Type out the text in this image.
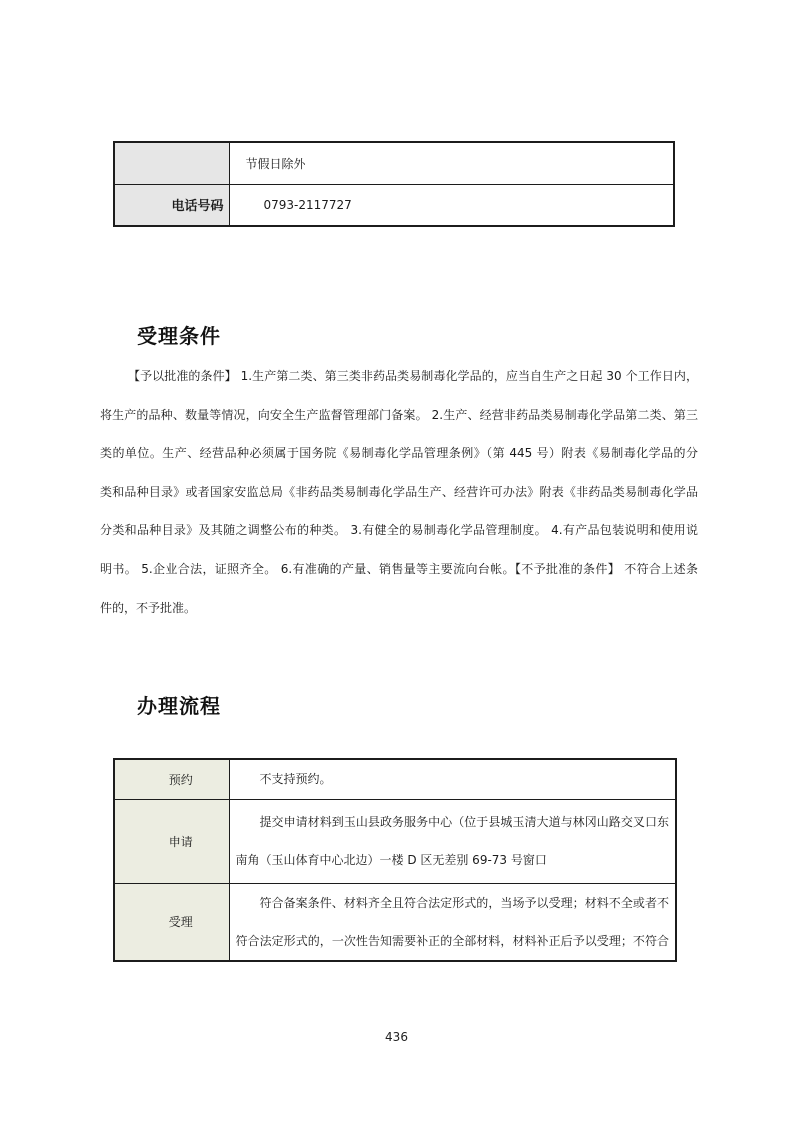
	节假日除外
电话号码	0793-2117727
受理条件
【予以批准的条件】 1.生产第二类、第三类非药品类易制毒化学品的，应当自生产之日起 30 个工作日内，
将生产的品种、数量等情况，向安全生产监督管理部门备案。 2.生产、经营非药品类易制毒化学品第二类、第三
类的单位。生产、经营品种必须属于国务院《易制毒化学品管理条例》（第 445 号）附表《易制毒化学品的分
类和品种目录》或者国家安监总局《非药品类易制毒化学品生产、经营许可办法》附表《非药品类易制毒化学品
分类和品种目录》及其随之调整公布的种类。 3.有健全的易制毒化学品管理制度。 4.有产品包装说明和使用说
明书。 5.企业合法，证照齐全。 6.有准确的产量、销售量等主要流向台帐。【不予批准的条件】 不符合上述条
件的，不予批准。
办理流程
预约	不支持预约。

申请	提交申请材料到玉山县政务服务中心（位于县城玉清大道与林冈山路交叉口东
南角（玉山体育中心北边）一楼 D 区无差别 69-73 号窗口

受理	符合备案条件、材料齐全且符合法定形式的，当场予以受理；材料不全或者不
符合法定形式的，一次性告知需要补正的全部材料，材料补正后予以受理；不符合
436
